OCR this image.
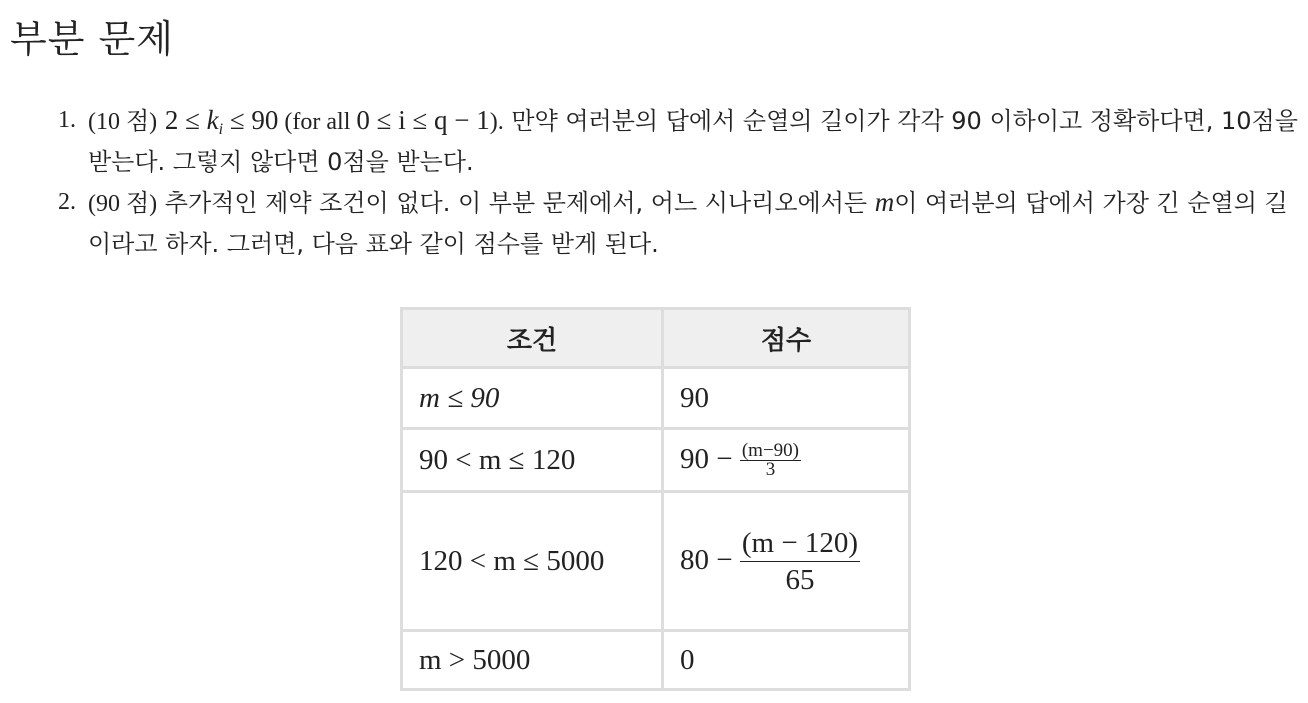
부분 문제
1. (10 점) $2 \le k_i \le 90$ (for all 0 ≤ i ≤ q − 1). 만약 여러분의 답에서 순열의 길이가 각각 90 이하이고 정확하다면, 10점을 받는다. 그렇지 않다면 0점을 받는다.
2. (90 점) 추가적인 제약 조건이 없다. 이 부분 문제에서, 어느 시나리오에서든 m이 여러분의 답에서 가장 긴 순열의 길이라고 하자. 그러면, 다음 표와 같이 점수를 받게 된다.
조건	점수
m ≤ 90	90
90 < m ≤ 120	$90 - \frac{(m-90)}{3}$

120 < m ≤ 5000	$80 - \frac{(m - 120)}{65}$

m > 5000	0
